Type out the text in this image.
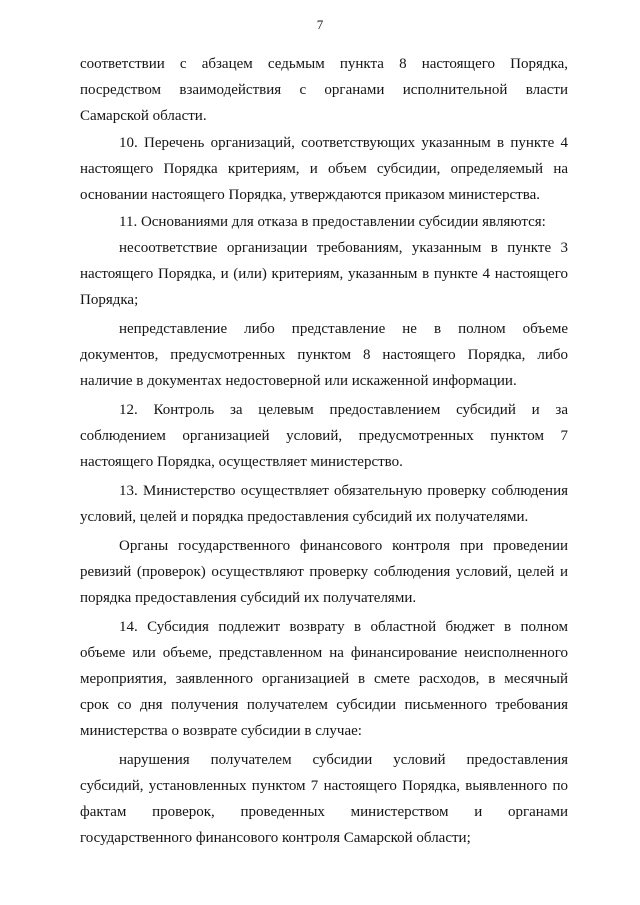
7
соответствии с абзацем седьмым пункта 8 настоящего Порядка,
посредством взаимодействия с органами исполнительной власти
Самарской области.
10. Перечень организаций, соответствующих указанным в пункте 4
настоящего Порядка критериям, и объем субсидии, определяемый на
основании настоящего Порядка, утверждаются приказом министерства.
11. Основаниями для отказа в предоставлении субсидии являются:
несоответствие организации требованиям, указанным в пункте 3
настоящего Порядка, и (или) критериям, указанным в пункте 4 настоящего
Порядка;
непредставление либо представление не в полном объеме
документов, предусмотренных пунктом 8 настоящего Порядка, либо
наличие в документах недостоверной или искаженной информации.
12. Контроль за целевым предоставлением субсидий и за
соблюдением организацией условий, предусмотренных пунктом 7
настоящего Порядка, осуществляет министерство.
13. Министерство осуществляет обязательную проверку соблюдения
условий, целей и порядка предоставления субсидий их получателями.
Органы государственного финансового контроля при проведении
ревизий (проверок) осуществляют проверку соблюдения условий, целей и
порядка предоставления субсидий их получателями.
14. Субсидия подлежит возврату в областной бюджет в полном
объеме или объеме, представленном на финансирование неисполненного
мероприятия, заявленного организацией в смете расходов, в месячный
срок со дня получения получателем субсидии письменного требования
министерства о возврате субсидии в случае:
нарушения получателем субсидии условий предоставления
субсидий, установленных пунктом 7 настоящего Порядка, выявленного по
фактам проверок, проведенных министерством и органами
государственного финансового контроля Самарской области;
